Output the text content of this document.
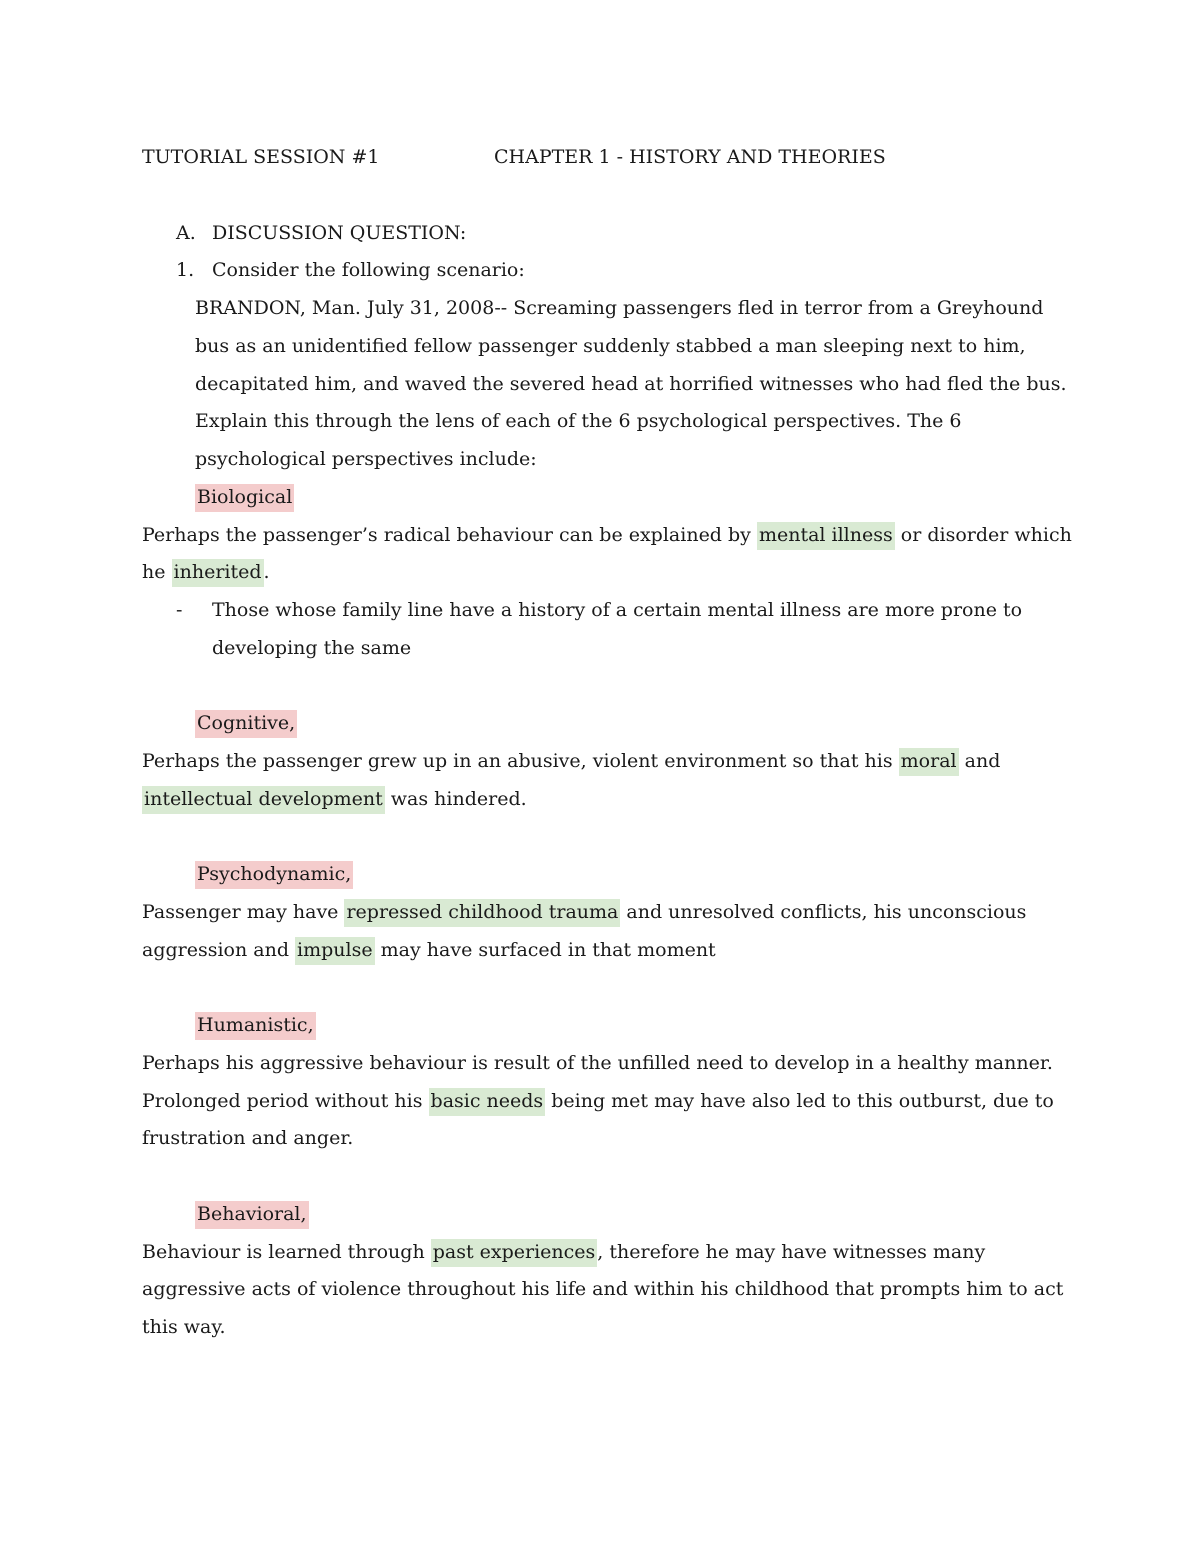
TUTORIAL SESSION #1	CHAPTER 1 - HISTORY AND THEORIES
A. DISCUSSION QUESTION:
1. Consider the following scenario:
BRANDON, Man. July 31, 2008-- Screaming passengers fled in terror from a Greyhound
bus as an unidentified fellow passenger suddenly stabbed a man sleeping next to him,
decapitated him, and waved the severed head at horrified witnesses who had fled the bus.
Explain this through the lens of each of the 6 psychological perspectives. The 6
psychological perspectives include:
Biological
Perhaps the passenger’s radical behaviour can be explained by mental illness or disorder which
he inherited .
- Those whose family line have a history of a certain mental illness are more prone to
developing the same
Cognitive,
Perhaps the passenger grew up in an abusive, violent environment so that his moral and
intellectual development was hindered.
Psychodynamic,
Passenger may have repressed childhood trauma and unresolved conflicts, his unconscious
aggression and impulse may have surfaced in that moment
Humanistic,
Perhaps his aggressive behaviour is result of the unfilled need to develop in a healthy manner.
Prolonged period without his basic needs being met may have also led to this outburst, due to
frustration and anger.
Behavioral,
Behaviour is learned through past experiences , therefore he may have witnesses many
aggressive acts of violence throughout his life and within his childhood that prompts him to act
this way.
